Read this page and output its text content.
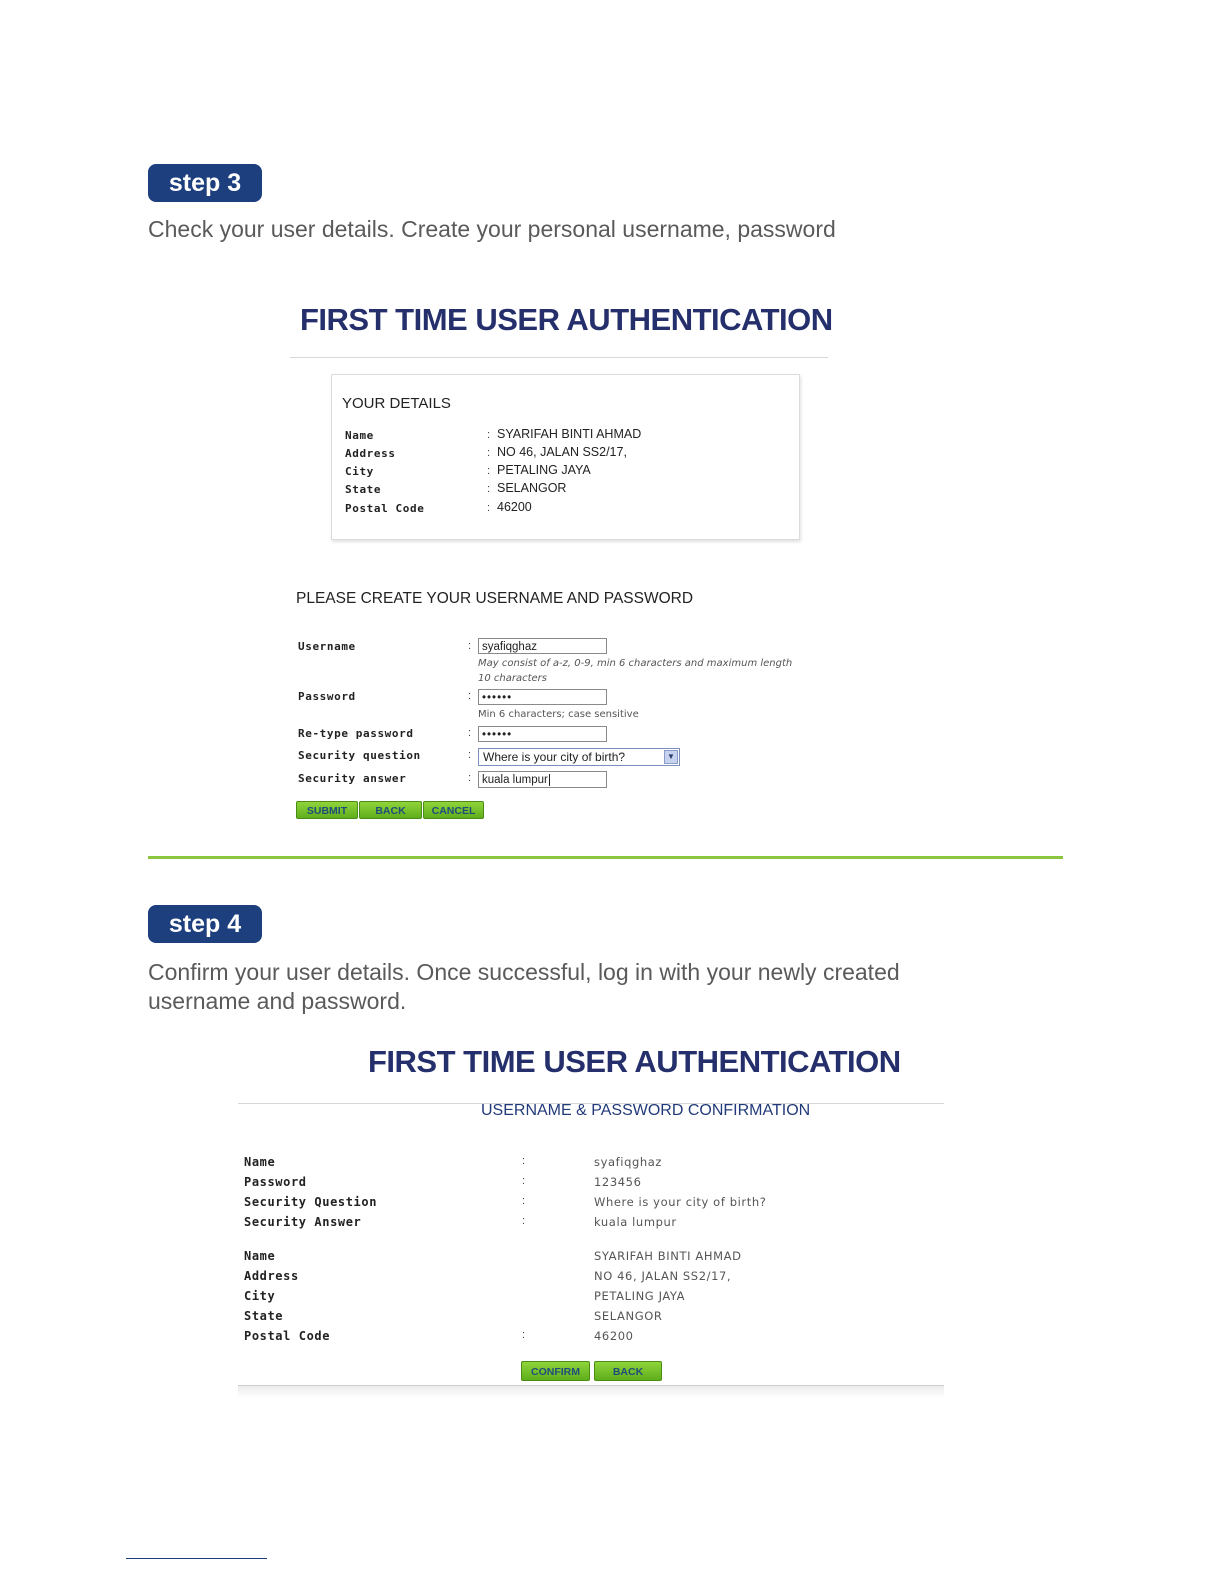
step 3
Check your user details. Create your personal username, password
FIRST TIME USER AUTHENTICATION
YOUR DETAILS
Name	: SYARIFAH BINTI AHMAD
Address	: NO 46, JALAN SS2/17,
City	: PETALING JAYA
State	: SELANGOR
Postal Code	: 46200
PLEASE CREATE YOUR USERNAME AND PASSWORD
Username	: syafiqghaz
May consist of a-z, 0-9, min 6 characters and maximum length
10 characters
Password	: ••••••
Min 6 characters; case sensitive
Re-type password	: ••••••
Security question	: Where is your city of birth?	▼
Security answer	: kuala lumpur
SUBMIT	BACK	CANCEL
step 4
Confirm your user details. Once successful, log in with your newly created
username and password.
FIRST TIME USER AUTHENTICATION
USERNAME & PASSWORD CONFIRMATION
Name	:	syafiqghaz
Password	:	123456
Security Question	:	Where is your city of birth?
Security Answer	:	kuala lumpur
Name	SYARIFAH BINTI AHMAD
Address	NO 46, JALAN SS2/17,
City	PETALING JAYA
State	SELANGOR
Postal Code	:	46200
CONFIRM	BACK
